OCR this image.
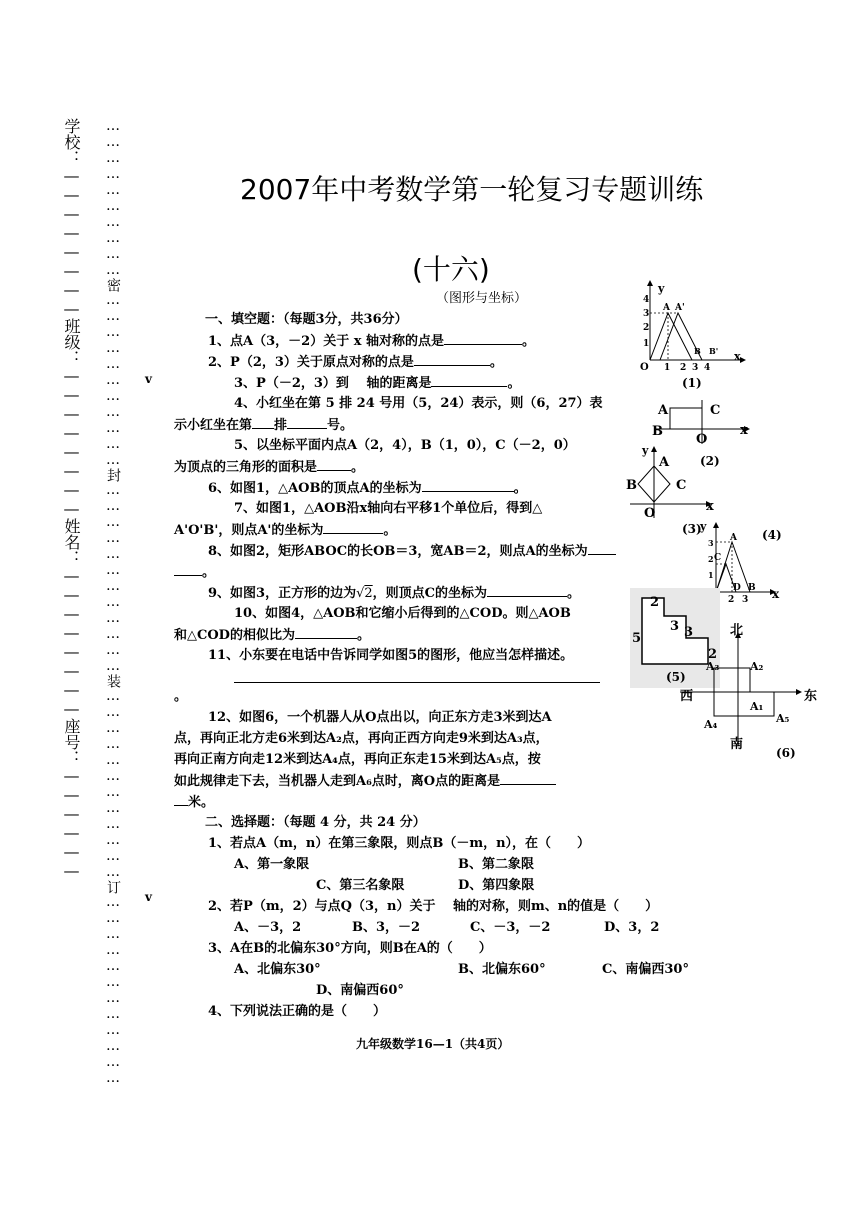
学校：————————班级：————————姓名：————————座号：—————— …………………………密……………………………封………………………………装………………………………订……………………………… v
v
2007年中考数学第一轮复习专题训练
(十六)
（图形与坐标）
一、填空题：（每题3分，共36分）
1、点A（3，－2）关于 x 轴对称的点是	。
2、P（2，3）关于原点对称的点是	。
3、P（－2，3）到　 轴的距离是	。
4、小红坐在第 5 排 24 号用（5，24）表示，则（6，27）表
示小红坐在第 排	号。
5、以坐标平面内点A（2，4），B（1，0），C（－2，0）
为顶点的三角形的面积是	。
6、如图1，△AOB的顶点A的坐标为	。
7、如图1，△AOB沿x轴向右平移1个单位后，得到△
A'O'B'，则点A'的坐标为	。
8、如图2，矩形ABOC的长OB＝3，宽AB＝2，则点A的坐标为
。
9、如图3，正方形的边为√2，则顶点C的坐标为	。
10、如图4，△AOB和它缩小后得到的△COD。则△AOB
和△COD的相似比为	。
11、小东要在电话中告诉同学如图5的图形，他应当怎样描述。
。
12、如图6，一个机器人从O点出以，向正东方走3米到达A
点，再向正北方走6米到达A₂点，再向正西方向走9米到达A₃点，
再向正南方向走12米到达A₄点，再向正东走15米到达A₅点，按
如此规律走下去，当机器人走到A₆点时，离O点的距离是
米。
二、选择题：（每题 4 分，共 24 分）
1、若点A（m，n）在第三象限，则点B（－m，n），在（　　）
A、第一象限	B、第二象限
C、第三名象限	D、第四象限
2、若P（m，2）与点Q（3，n）关于　 轴的对称，则m、n的值是（　　）
A、－3，2	B、3，－2	C、－3，－2	D、3，2
3、A在B的北偏东30°方向，则B在A的（　　）
A、北偏东30°	B、北偏东60°	C、南偏西30°
D、南偏西60°
4、下列说法正确的是（　　）
九年级数学16—1（共4页）
y
x
O
A A'
B B'
1 2 3 4
1
2
3
4
(1)
A	C
B
O
x
(2)
y
A
B	C
O	x
(3)
y
A
C
D B x
2 3
1
2
3
(4)
2
5
3 3
2
(5)
北
东
西
南
A₃	A₂
A₁
A₄	A₅
(6)
